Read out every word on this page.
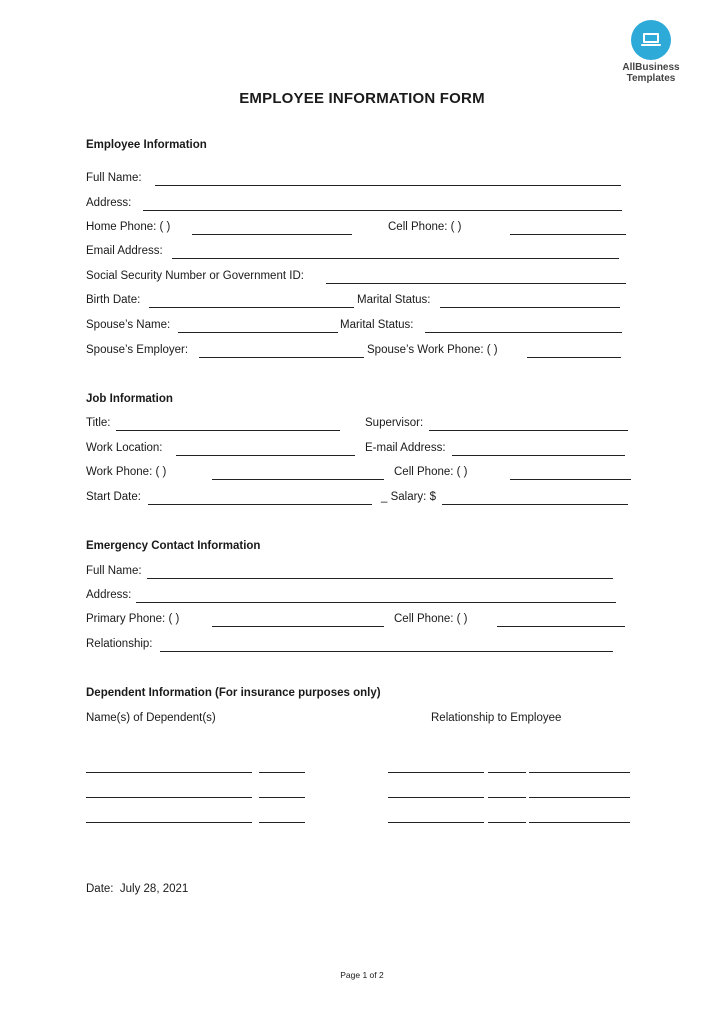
AllBusiness
Templates
EMPLOYEE INFORMATION FORM
Employee Information
Full Name:
Address:
Home Phone: ( )	Cell Phone: ( )
Email Address:
Social Security Number or Government ID:
Birth Date:	Marital Status:
Spouse’s Name:	Marital Status:
Spouse’s Employer:	Spouse’s Work Phone: ( )
Job Information
Title:	Supervisor:
Work Location:	E-mail Address:
Work Phone: ( )	Cell Phone: ( )
Start Date:	_ Salary: $
Emergency Contact Information
Full Name:
Address:
Primary Phone: ( )	Cell Phone: ( )
Relationship:
Dependent Information (For insurance purposes only)
Name(s) of Dependent(s)	Relationship to Employee
Date: July 28, 2021
Page 1 of 2
